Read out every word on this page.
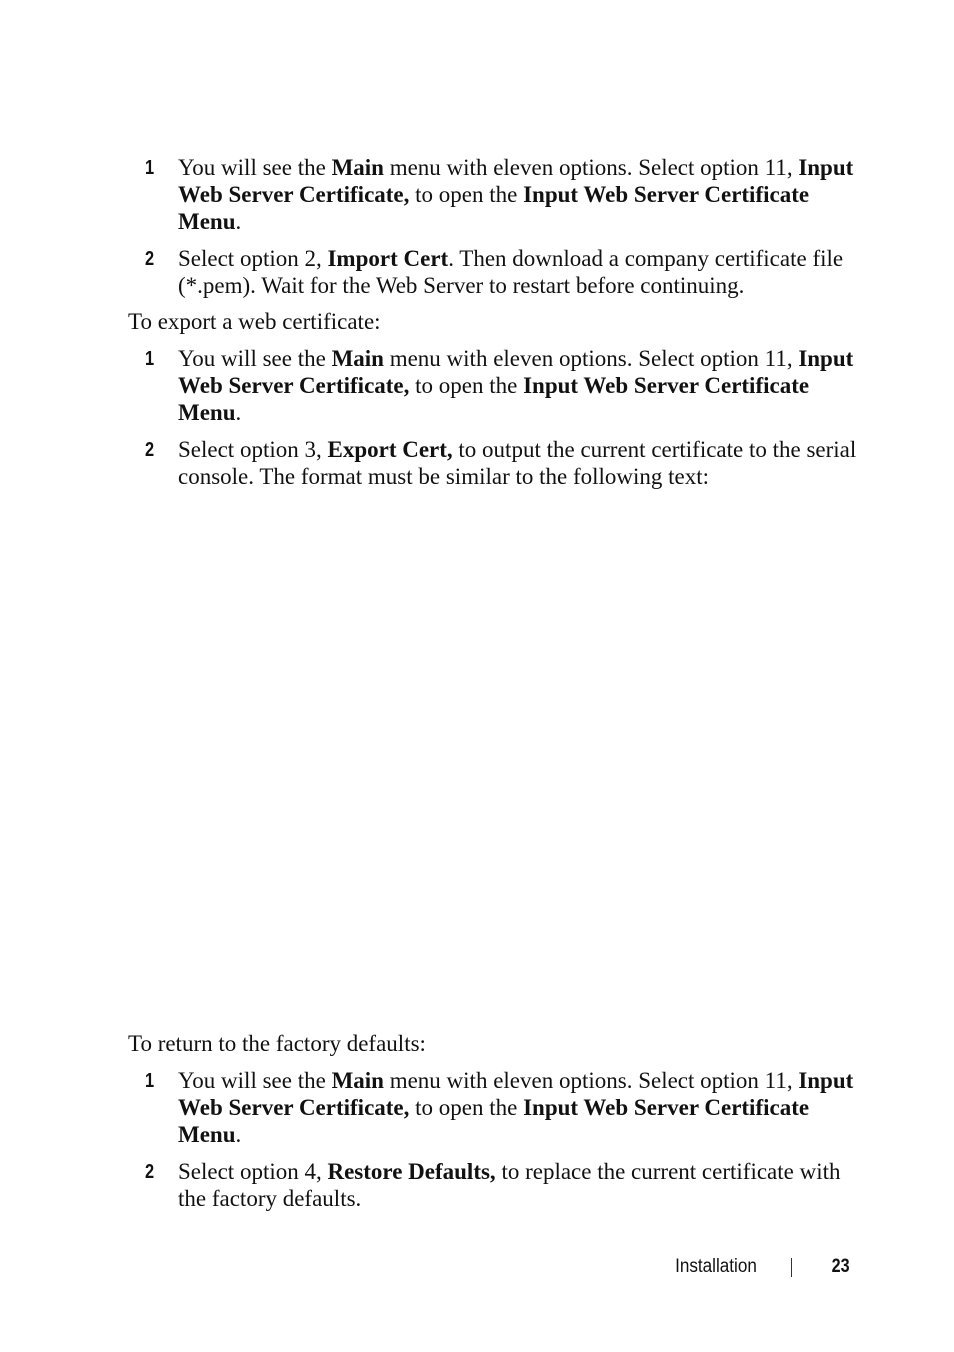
1 You will see the Main menu with eleven options. Select option 11, Input Web Server Certificate, to open the Input Web Server Certificate Menu.
2 Select option 2, Import Cert. Then download a company certificate file (*.pem). Wait for the Web Server to restart before continuing.
To export a web certificate:
1 You will see the Main menu with eleven options. Select option 11, Input Web Server Certificate, to open the Input Web Server Certificate Menu.
2 Select option 3, Export Cert, to output the current certificate to the serial console. The format must be similar to the following text:
To return to the factory defaults:
1 You will see the Main menu with eleven options. Select option 11, Input Web Server Certificate, to open the Input Web Server Certificate Menu.
2 Select option 4, Restore Defaults, to replace the current certificate with the factory defaults.
Installation	23
